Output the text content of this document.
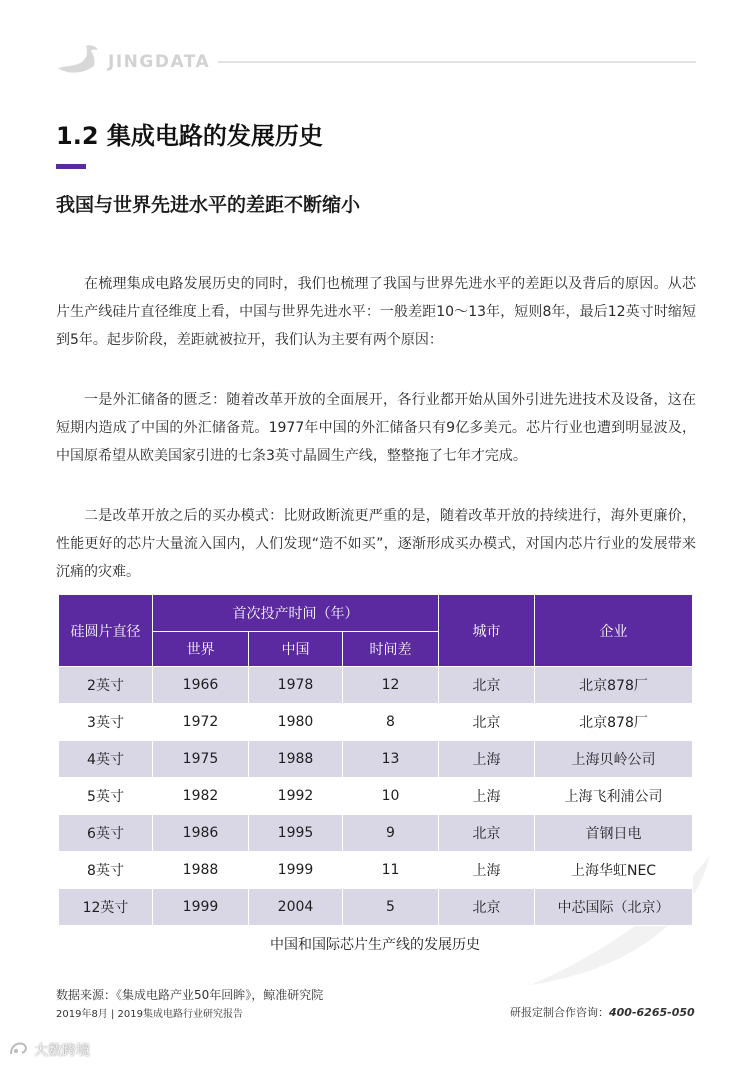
JINGDATA
1.2 集成电路的发展历史
我国与世界先进水平的差距不断缩小

在梳理集成电路发展历史的同时，我们也梳理了我国与世界先进水平的差距以及背后的原因。从芯片生产线硅片直径维度上看，中国与世界先进水平：一般差距10～13年，短则8年，最后12英寸时缩短到5年。起步阶段，差距就被拉开，我们认为主要有两个原因：

一是外汇储备的匮乏：随着改革开放的全面展开，各行业都开始从国外引进先进技术及设备，这在短期内造成了中国的外汇储备荒。1977年中国的外汇储备只有9亿多美元。芯片行业也遭到明显波及，中国原希望从欧美国家引进的七条3英寸晶圆生产线，整整拖了七年才完成。

二是改革开放之后的买办模式：比财政断流更严重的是，随着改革开放的持续进行，海外更廉价，性能更好的芯片大量流入国内，人们发现“造不如买”，逐渐形成买办模式，对国内芯片行业的发展带来沉痛的灾难。

硅圆片直径	首次投产时间（年）			城市	企业
	世界	中国	时间差		
2英寸	1966	1978	12	北京	北京878厂
3英寸	1972	1980	8	北京	北京878厂
4英寸	1975	1988	13	上海	上海贝岭公司
5英寸	1982	1992	10	上海	上海飞利浦公司
6英寸	1986	1995	9	北京	首钢日电
8英寸	1988	1999	11	上海	上海华虹NEC
12英寸	1999	2004	5	北京	中芯国际（北京）

中国和国际芯片生产线的发展历史

数据来源：《集成电路产业50年回眸》，鲸准研究院
2019年8月 | 2019集成电路行业研究报告	研报定制合作咨询：400-6265-050
大数跨境
